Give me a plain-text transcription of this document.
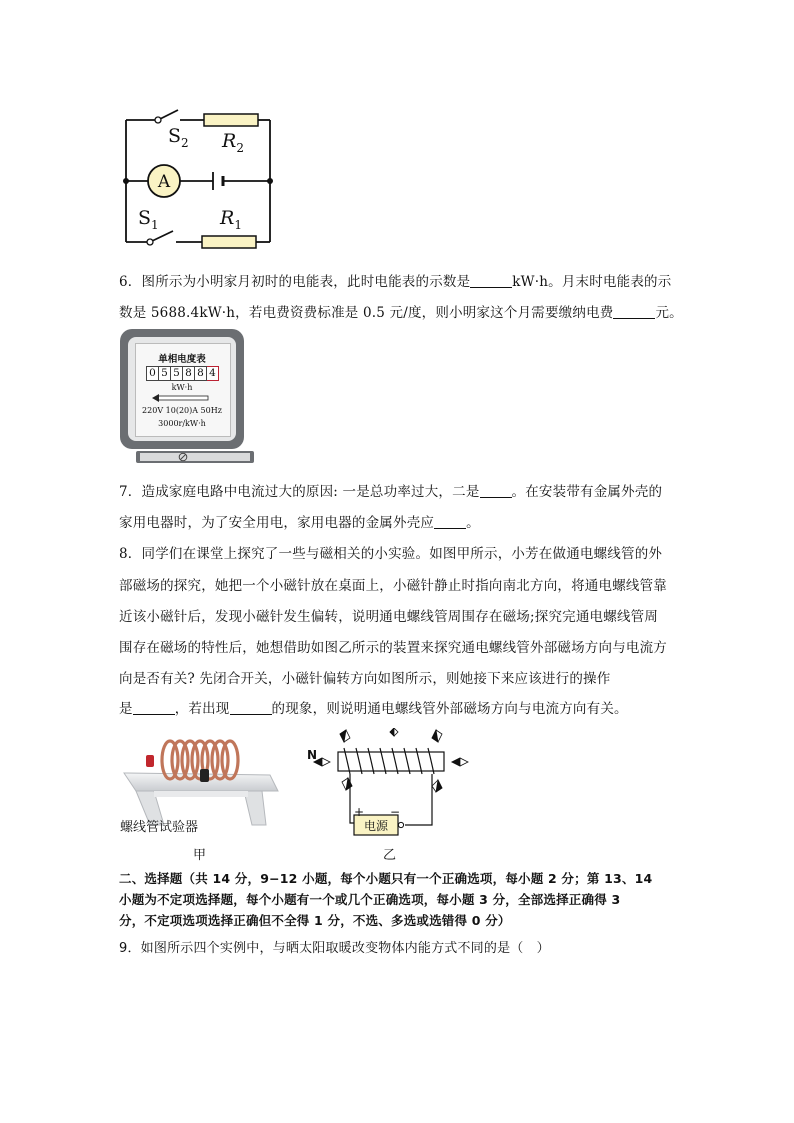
A
$S_2$ $R_2$
$S_1$	$R_1$
6．图所示为小明家月初时的电能表，此时电能表的示数是	kW·h。月末时电能表的示
数是 5688.4kW·h，若电费资费标准是 0.5 元/度，则小明家这个月需要缴纳电费	元。
单相电度表
0 5 5 8 8 4
kW·h
220V 10(20)A 50Hz
3000r/kW·h
7．造成家庭电路中电流过大的原因: 一是总功率过大，二是 。在安装带有金属外壳的
家用电器时，为了安全用电，家用电器的金属外壳应 。
8．同学们在课堂上探究了一些与磁相关的小实验。如图甲所示，小芳在做通电螺线管的外
部磁场的探究，她把一个小磁针放在桌面上，小磁针静止时指向南北方向，将通电螺线管靠
近该小磁针后，发现小磁针发生偏转，说明通电螺线管周围存在磁场;探究完通电螺线管周
围存在磁场的特性后，她想借助如图乙所示的装置来探究通电螺线管外部磁场方向与电流方
向是否有关? 先闭合开关，小磁针偏转方向如图所示，则她接下来应该进行的操作
是	，若出现	的现象，则说明通电螺线管外部磁场方向与电流方向有关。
螺线管试验器
甲
N
+ −
电源
乙
二、选择题（共 14 分，9−12 小题，每个小题只有一个正确选项，每小题 2 分；第 13、14
小题为不定项选择题，每个小题有一个或几个正确选项，每小题 3 分，全部选择正确得 3
分，不定项选项选择正确但不全得 1 分，不选、多选或选错得 0 分）
9．如图所示四个实例中，与晒太阳取暖改变物体内能方式不同的是（　）
